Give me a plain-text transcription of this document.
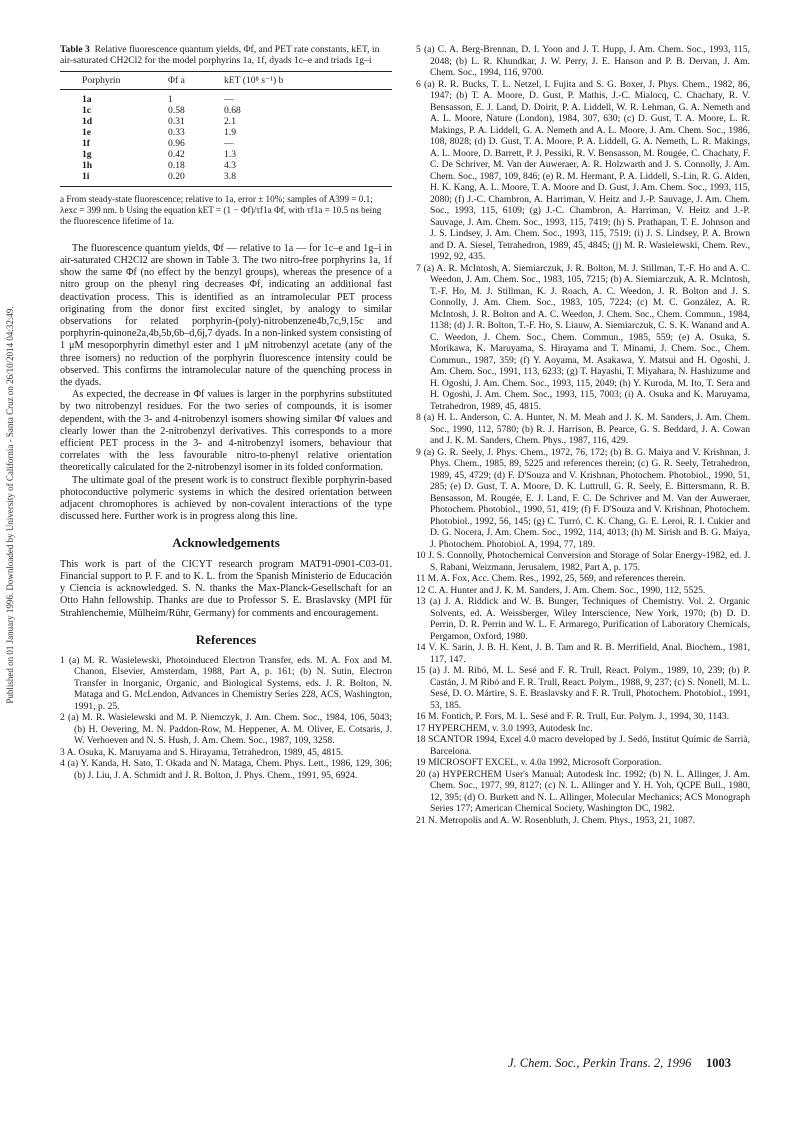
Published on 01 January 1996. Downloaded by University of California - Santa Cruz on 26/10/2014 04:32:49.
Table 3 Relative fluorescence quantum yields, Φf, and PET rate constants, kET, in air-saturated CH2Cl2 for the model porphyrins 1a, 1f, dyads 1c–e and triads 1g–i
Porphyrin	Φf a	kET (10⁸ s⁻¹) b
1a	1	—
1c	0.58	0.68
1d	0.31	2.1
1e	0.33	1.9
1f	0.96	—
1g	0.42	1.3
1h	0.18	4.3
1i	0.20	3.8
a From steady-state fluorescence; relative to 1a, error ± 10%; samples of A399 = 0.1; λexc = 399 nm. b Using the equation kET = (1 − Φf)/τf1a Φf, with τf1a = 10.5 ns being the fluorescence lifetime of 1a.

The fluorescence quantum yields, Φf — relative to 1a — for 1c–e and 1g–i in air-saturated CH2Cl2 are shown in Table 3. The two nitro-free porphyrins 1a, 1f show the same Φf (no effect by the benzyl groups), whereas the presence of a nitro group on the phenyl ring decreases Φf, indicating an additional fast deactivation process. This is identified as an intramolecular PET process originating from the donor first excited singlet, by analogy to similar observations for related porphyrin-(poly)-nitrobenzene4b,7c,9,15c and porphyrin-quinone2a,4b,5b,6b–d,6j,7 dyads. In a non-linked system consisting of 1 μM mesoporphyrin dimethyl ester and 1 μM nitrobenzyl acetate (any of the three isomers) no reduction of the porphyrin fluorescence intensity could be observed. This confirms the intramolecular nature of the quenching process in the dyads.

As expected, the decrease in Φf values is larger in the porphyrins substituted by two nitrobenzyl residues. For the two series of compounds, it is isomer dependent, with the 3- and 4-nitrobenzyl isomers showing similar Φf values and clearly lower than the 2-nitrobenzyl derivatives. This corresponds to a more efficient PET process in the 3- and 4-nitrobenzyl isomers, behaviour that correlates with the less favourable nitro-to-phenyl relative orientation theoretically calculated for the 2-nitrobenzyl isomer in its folded conformation.

The ultimate goal of the present work is to construct flexible porphyrin-based photoconductive polymeric systems in which the desired orientation between adjacent chromophores is achieved by non-covalent interactions of the type discussed here. Further work is in progress along this line.

Acknowledgements

This work is part of the CICYT research program MAT91-0901-C03-01. Financial support to P. F. and to K. L. from the Spanish Ministerio de Educación y Ciencia is acknowledged. S. N. thanks the Max-Planck-Gesellschaft for an Otto Hahn fellowship. Thanks are due to Professor S. E. Braslavsky (MPI für Strahlenchemie, Mülheim/Rühr, Germany) for comments and encouragement.

References

1 (a) M. R. Wasielewski, Photoinduced Electron Transfer, eds. M. A. Fox and M. Chanon, Elsevier, Amsterdam, 1988, Part A, p. 161; (b) N. Sutin, Electron Transfer in Inorganic, Organic, and Biological Systems, eds. J. R. Bolton, N. Mataga and G. McLendon, Advances in Chemistry Series 228, ACS, Washington, 1991, p. 25.

2 (a) M. R. Wasielewski and M. P. Niemczyk, J. Am. Chem. Soc., 1984, 106, 5043; (b) H. Oevering, M. N. Paddon-Row, M. Heppener, A. M. Oliver, E. Cotsaris, J. W. Verhoeven and N. S. Hush, J. Am. Chem. Soc., 1987, 109, 3258.

3 A. Osuka, K. Maruyama and S. Hirayama, Tetrahedron, 1989, 45, 4815.

4 (a) Y. Kanda, H. Sato, T. Okada and N. Mataga, Chem. Phys. Lett., 1986, 129, 306; (b) J. Liu, J. A. Schmidt and J. R. Bolton, J. Phys. Chem., 1991, 95, 6924.

5 (a) C. A. Berg-Brennan, D. I. Yoon and J. T. Hupp, J. Am. Chem. Soc., 1993, 115, 2048; (b) L. R. Khundkar, J. W. Perry, J. E. Hanson and P. B. Dervan, J. Am. Chem. Soc., 1994, 116, 9700.

6 (a) R. R. Bucks, T. L. Netzel, I. Fujita and S. G. Boxer, J. Phys. Chem., 1982, 86, 1947; (b) T. A. Moore, D. Gust, P. Mathis, J.-C. Mialocq, C. Chachaty, R. V. Bensasson, E. J. Land, D. Doirit, P. A. Liddell, W. R. Lehman, G. A. Nemeth and A. L. Moore, Nature (London), 1984, 307, 630; (c) D. Gust, T. A. Moore, L. R. Makings, P. A. Liddell, G. A. Nemeth and A. L. Moore, J. Am. Chem. Soc., 1986, 108, 8028; (d) D. Gust, T. A. Moore, P. A. Liddell, G. A. Nemeth, L. R. Makings, A. L. Moore, D. Barrett, P. J. Pessiki, R. V. Bensasson, M. Rougée, C. Chachaty, F. C. De Schriver, M. Van der Auweraer, A. R. Holzwarth and J. S. Connolly, J. Am. Chem. Soc., 1987, 109, 846; (e) R. M. Hermant, P. A. Liddell, S.-Lin, R. G. Alden, H. K. Kang, A. L. Moore, T. A. Moore and D. Gust, J. Am. Chem. Soc., 1993, 115, 2080; (f) J.-C. Chambron, A. Harriman, V. Heitz and J.-P. Sauvage, J. Am. Chem. Soc., 1993, 115, 6109; (g) J.-C. Chambron, A. Harriman, V. Heitz and J.-P. Sauvage, J. Am. Chem. Soc., 1993, 115, 7419; (h) S. Prathapan, T. E. Johnson and J. S. Lindsey, J. Am. Chem. Soc., 1993, 115, 7519; (i) J. S. Lindsey, P. A. Brown and D. A. Siesel, Tetrahedron, 1989, 45, 4845; (j) M. R. Wasielewski, Chem. Rev., 1992, 92, 435.

7 (a) A. R. McIntosh, A. Siemiarczuk, J. R. Bolton, M. J. Stillman, T.-F. Ho and A. C. Weedon, J. Am. Chem. Soc., 1983, 105, 7215; (b) A. Siemiarczuk, A. R. McIntosh, T.-F. Ho, M. J. Stillman, K. J. Roach, A. C. Weedon, J. R. Bolton and J. S. Connolly, J. Am. Chem. Soc., 1983, 105, 7224; (c) M. C. González, A. R. McIntosh, J. R. Bolton and A. C. Weedon, J. Chem. Soc., Chem. Commun., 1984, 1138; (d) J. R. Bolton, T.-F. Ho, S. Liauw, A. Siemiarczuk, C. S. K. Wanand and A. C. Weedon, J. Chem. Soc., Chem. Commun., 1985, 559; (e) A. Osuka, S. Morikawa, K. Maruyama, S. Hirayama and T. Minami, J. Chem. Soc., Chem. Commun., 1987, 359; (f) Y. Aoyama, M. Asakawa, Y. Matsui and H. Ogoshi, J. Am. Chem. Soc., 1991, 113, 6233; (g) T. Hayashi, T. Miyahara, N. Hashizume and H. Ogoshi, J. Am. Chem. Soc., 1993, 115, 2049; (h) Y. Kuroda, M. Ito, T. Sera and H. Ogoshi, J. Am. Chem. Soc., 1993, 115, 7003; (i) A. Osuka and K. Maruyama, Tetrahedron, 1989, 45, 4815.

8 (a) H. L. Anderson, C. A. Hunter, N. M. Meah and J. K. M. Sanders, J. Am. Chem. Soc., 1990, 112, 5780; (b) R. J. Harrison, B. Pearce, G. S. Beddard, J. A. Cowan and J. K. M. Sanders, Chem. Phys., 1987, 116, 429.

9 (a) G. R. Seely, J. Phys. Chem., 1972, 76, 172; (b) B. G. Maiya and V. Krishnan, J. Phys. Chem., 1985, 89, 5225 and references therein; (c) G. R. Seely, Tetrahedron, 1989, 45, 4729; (d) F. D'Souza and V. Krishnan, Photochem. Photobiol., 1990, 51, 285; (e) D. Gust, T. A. Moore, D. K. Luttrull, G. R. Seely, E. Bittersmann, R. B. Bensasson, M. Rougée, E. J. Land, F. C. De Schriver and M. Van der Auweraer, Photochem. Photobiol., 1990, 51, 419; (f) F. D'Souza and V. Krishnan, Photochem. Photobiol., 1992, 56, 145; (g) C. Turró, C. K. Chang, G. E. Leroi, R. I. Cukier and D. G. Nocera, J. Am. Chem. Soc., 1992, 114, 4013; (h) M. Sirish and B. G. Maiya, J. Photochem. Photobiol. A, 1994, 77, 189.

10 J. S. Connolly, Photochemical Conversion and Storage of Solar Energy-1982, ed. J. S. Rabani, Weizmann, Jerusalem, 1982, Part A, p. 175.

11 M. A. Fox, Acc. Chem. Res., 1992, 25, 569, and references therein.

12 C. A. Hunter and J. K. M. Sanders, J. Am. Chem. Soc., 1990, 112, 5525.

13 (a) J. A. Riddick and W. B. Bunger, Techniques of Chemistry. Vol. 2. Organic Solvents, ed. A. Weissberger, Wiley Interscience, New York, 1970; (b) D. D. Perrin, D. R. Perrin and W. L. F. Armarego, Purification of Laboratory Chemicals, Pergamon, Oxford, 1980.

14 V. K. Sarin, J. B. H. Kent, J. B. Tam and R. B. Merrifield, Anal. Biochem., 1981, 117, 147.

15 (a) J. M. Ribó, M. L. Sesé and F. R. Trull, React. Polym., 1989, 10, 239; (b) P. Castán, J. M Ribó and F. R. Trull, React. Polym., 1988, 9, 237; (c) S. Nonell, M. L. Sesé, D. O. Mártire, S. E. Braslavsky and F. R. Trull, Photochem. Photobiol., 1991, 53, 185.

16 M. Fontich, P. Fors, M. L. Sesé and F. R. Trull, Eur. Polym. J., 1994, 30, 1143.

17 HYPERCHEM, v. 3.0 1993, Autodesk Inc.

18 SCANTOR 1994, Excel 4.0 macro developed by J. Sedó, Institut Químic de Sarrià, Barcelona.

19 MICROSOFT EXCEL, v. 4.0a 1992, Microsoft Corporation.

20 (a) HYPERCHEM User's Manual; Autodesk Inc. 1992; (b) N. L. Allinger, J. Am. Chem. Soc., 1977, 99, 8127; (c) N. L. Allinger and Y. H. Yoh, QCPE Bull., 1980, 12, 395; (d) O. Burkett and N. L. Allinger, Molecular Mechanics; ACS Monograph Series 177; American Chemical Society, Washington DC, 1982.

21 N. Metropolis and A. W. Rosenbluth, J. Chem. Phys., 1953, 21, 1087.

J. Chem. Soc., Perkin Trans. 2, 1996 1003
